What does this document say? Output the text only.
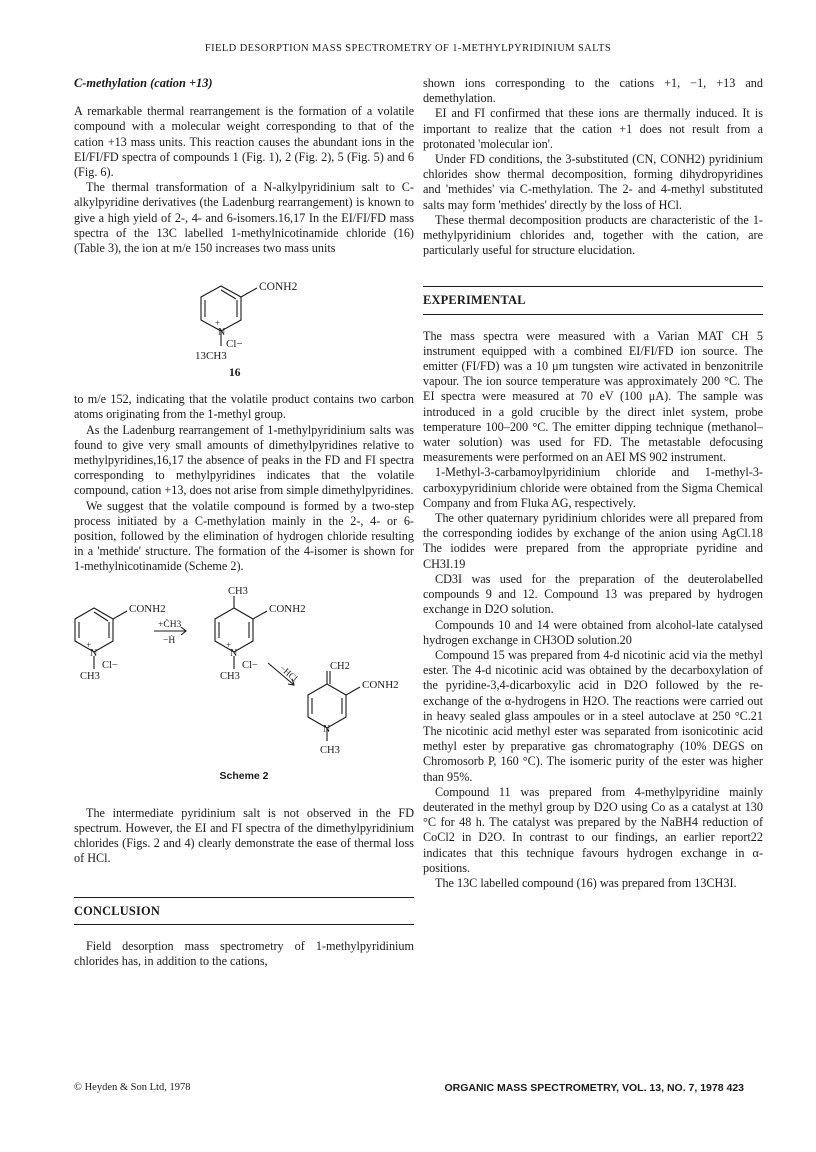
FIELD DESORPTION MASS SPECTROMETRY OF 1-METHYLPYRIDINIUM SALTS
C-methylation (cation +13)

A remarkable thermal rearrangement is the formation of a volatile compound with a molecular weight corresponding to that of the cation +13 mass units. This reaction causes the abundant ions in the EI/FI/FD spectra of compounds 1 (Fig. 1), 2 (Fig. 2), 5 (Fig. 5) and 6 (Fig. 6).

The thermal transformation of a N-alkylpyridinium salt to C-alkylpyridine derivatives (the Ladenburg rearrangement) is known to give a high yield of 2-, 4- and 6-isomers.16,17 In the EI/FI/FD mass spectra of the 13C labelled 1-methylnicotinamide chloride (16) (Table 3), the ion at m/e 150 increases two mass units

CONH2
N
+
Cl−
13CH3
16

to m/e 152, indicating that the volatile product contains two carbon atoms originating from the 1-methyl group.

As the Ladenburg rearrangement of 1-methylpyridinium salts was found to give very small amounts of dimethylpyridines relative to methylpyridines,16,17 the absence of peaks in the FD and FI spectra corresponding to methylpyridines indicates that the volatile compound, cation +13, does not arise from simple dimethylpyridines.

We suggest that the volatile compound is formed by a two-step process initiated by a C-methylation mainly in the 2-, 4- or 6-position, followed by the elimination of hydrogen chloride resulting in a 'methide' structure. The formation of the 4-isomer is shown for 1-methylnicotinamide (Scheme 2).

CONH2
N
+
Cl−
CH3
+ĊH3
−Ḣ
CH3
CONH2
N
+
Cl−
CH3	−HCl	CH2
CONH2
N
CH3
Scheme 2

The intermediate pyridinium salt is not observed in the FD spectrum. However, the EI and FI spectra of the dimethylpyridinium chlorides (Figs. 2 and 4) clearly demonstrate the ease of thermal loss of HCl.

CONCLUSION

Field desorption mass spectrometry of 1-methylpyridinium chlorides has, in addition to the cations,

shown ions corresponding to the cations +1, −1, +13 and demethylation.

EI and FI confirmed that these ions are thermally induced. It is important to realize that the cation +1 does not result from a protonated 'molecular ion'.

Under FD conditions, the 3-substituted (CN, CONH2) pyridinium chlorides show thermal decomposition, forming dihydropyridines and 'methides' via C-methylation. The 2- and 4-methyl substituted salts may form 'methides' directly by the loss of HCl.

These thermal decomposition products are characteristic of the 1-methylpyridinium chlorides and, together with the cation, are particularly useful for structure elucidation.

EXPERIMENTAL

The mass spectra were measured with a Varian MAT CH 5 instrument equipped with a combined EI/FI/FD ion source. The emitter (FI/FD) was a 10 μm tungsten wire activated in benzonitrile vapour. The ion source temperature was approximately 200 °C. The EI spectra were measured at 70 eV (100 μA). The sample was introduced in a gold crucible by the direct inlet system, probe temperature 100–200 °C. The emitter dipping technique (methanol–water solution) was used for FD. The metastable defocusing measurements were performed on an AEI MS 902 instrument.

1-Methyl-3-carbamoylpyridinium chloride and 1-methyl-3-carboxypyridinium chloride were obtained from the Sigma Chemical Company and from Fluka AG, respectively.

The other quaternary pyridinium chlorides were all prepared from the corresponding iodides by exchange of the anion using AgCl.18 The iodides were prepared from the appropriate pyridine and CH3I.19

CD3I was used for the preparation of the deuterolabelled compounds 9 and 12. Compound 13 was prepared by hydrogen exchange in D2O solution.

Compounds 10 and 14 were obtained from alcohol-late catalysed hydrogen exchange in CH3OD solution.20

Compound 15 was prepared from 4-d nicotinic acid via the methyl ester. The 4-d nicotinic acid was obtained by the decarboxylation of the pyridine-3,4-dicarboxylic acid in D2O followed by the re-exchange of the α-hydrogens in H2O. The reactions were carried out in heavy sealed glass ampoules or in a steel autoclave at 250 °C.21 The nicotinic acid methyl ester was separated from isonicotinic acid methyl ester by preparative gas chromatography (10% DEGS on Chromosorb P, 160 °C). The isomeric purity of the ester was higher than 95%.

Compound 11 was prepared from 4-methylpyridine mainly deuterated in the methyl group by D2O using Co as a catalyst at 130 °C for 48 h. The catalyst was prepared by the NaBH4 reduction of CoCl2 in D2O. In contrast to our findings, an earlier report22 indicates that this technique favours hydrogen exchange in α-positions.

The 13C labelled compound (16) was prepared from 13CH3I.

© Heyden & Son Ltd, 1978	ORGANIC MASS SPECTROMETRY, VOL. 13, NO. 7, 1978 423
